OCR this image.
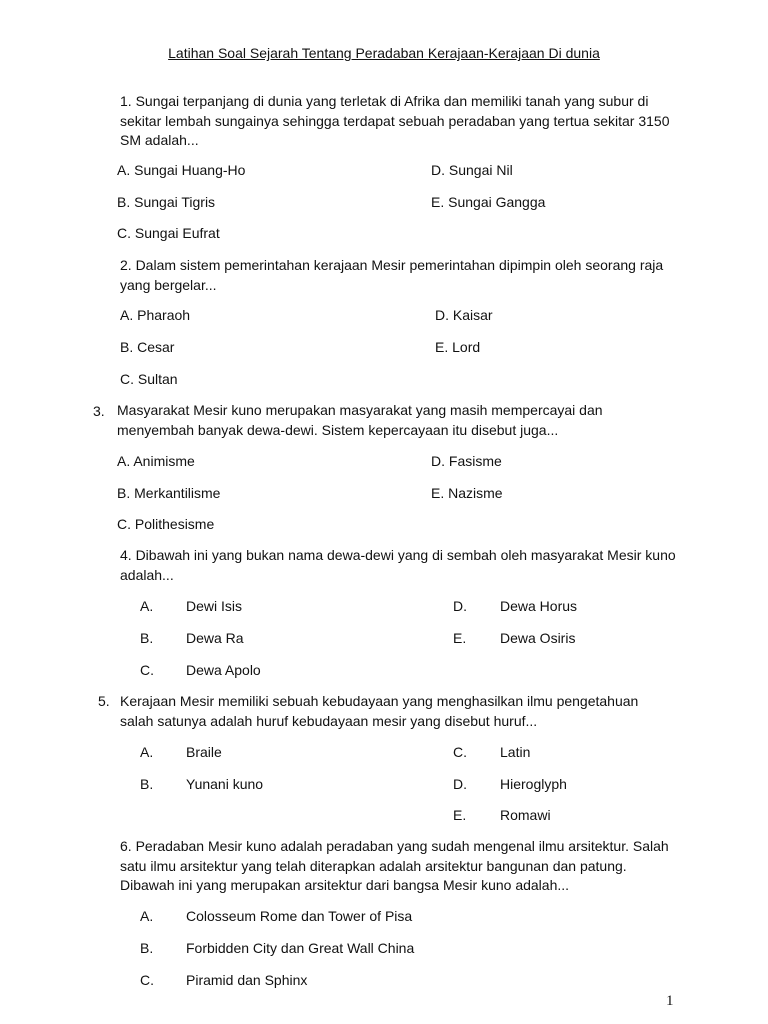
Latihan Soal Sejarah Tentang Peradaban Kerajaan-Kerajaan Di dunia
1. Sungai terpanjang di dunia yang terletak di Afrika dan memiliki tanah yang subur di sekitar lembah sungainya sehingga terdapat sebuah peradaban yang tertua sekitar 3150 SM adalah...
A. Sungai Huang-Ho
B. Sungai Tigris
C. Sungai Eufrat
D. Sungai Nil
E. Sungai Gangga
2. Dalam sistem pemerintahan kerajaan Mesir pemerintahan dipimpin oleh seorang raja yang bergelar...
A. Pharaoh
B. Cesar
C. Sultan
D. Kaisar
E. Lord
3. Masyarakat Mesir kuno merupakan masyarakat yang masih mempercayai dan menyembah banyak dewa-dewi. Sistem kepercayaan itu disebut juga...
A. Animisme
B. Merkantilisme
C. Polithesisme
D. Fasisme
E. Nazisme
4. Dibawah ini yang bukan nama dewa-dewi yang di sembah oleh masyarakat Mesir kuno adalah...
A. Dewi Isis
B. Dewa Ra
C. Dewa Apolo
D. Dewa Horus
E. Dewa Osiris
5. Kerajaan Mesir memiliki sebuah kebudayaan yang menghasilkan ilmu pengetahuan salah satunya adalah huruf kebudayaan mesir yang disebut huruf...
A. Braile
B. Yunani kuno
C. Latin
D. Hieroglyph
E. Romawi
6. Peradaban Mesir kuno adalah peradaban yang sudah mengenal ilmu arsitektur. Salah satu ilmu arsitektur yang telah diterapkan adalah arsitektur bangunan dan patung. Dibawah ini yang merupakan arsitektur dari bangsa Mesir kuno adalah...
A. Colosseum Rome dan Tower of Pisa
B. Forbidden City dan Great Wall China
C. Piramid dan Sphinx
1
